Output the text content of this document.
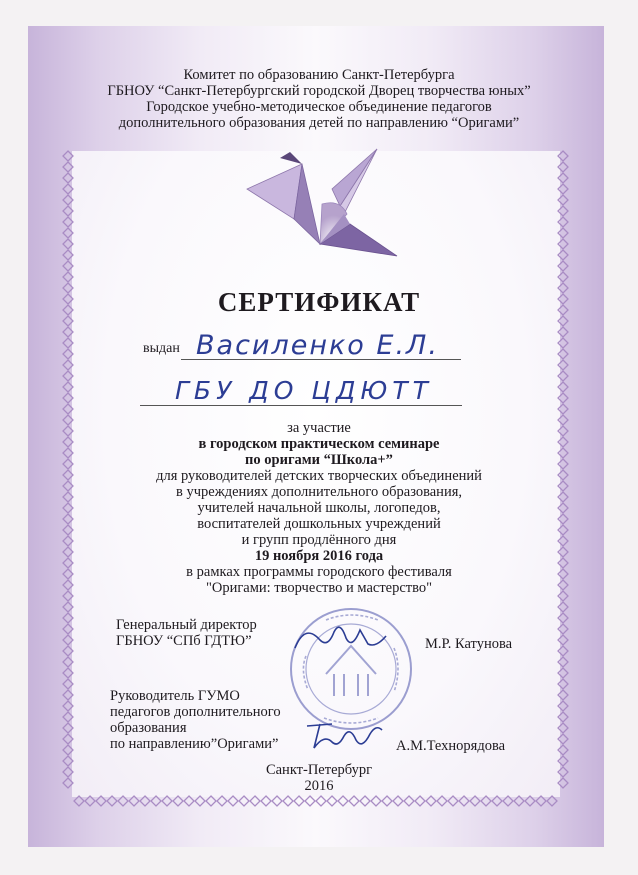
Комитет по образованию Санкт-Петербурга
ГБНОУ “Санкт-Петербургский городской Дворец творчества юных”
Городское учебно-методическое объединение педагогов
дополнительного образования детей по направлению “Оригами”
СЕРТИФИКАТ
выдан Василенко Е.Л.
ГБУ ДО ЦДЮТТ
за участие
в городском практическом семинаре
по оригами “Школа+”
для руководителей детских творческих объединений
в учреждениях дополнительного образования,
учителей начальной школы, логопедов,
воспитателей дошкольных учреждений
и групп продлённого дня
19 ноября 2016 года
в рамках программы городского фестиваля
"Оригами: творчество и мастерство"
Генеральный директор
ГБНОУ “СПб ГДТЮ”	М.Р. Катунова
Руководитель ГУМО
педагогов дополнительного
образования
по направлению”Оригами”	А.М.Технорядова
Санкт-Петербург
2016
